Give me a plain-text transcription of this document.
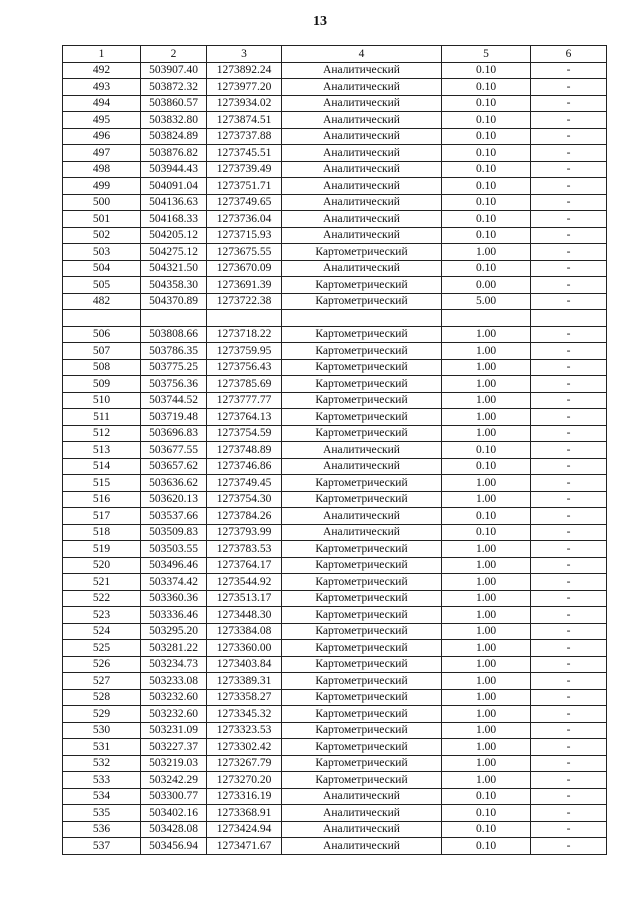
13
1	2	3	4	5	6
492	503907.40	1273892.24	Аналитический	0.10	-
493	503872.32	1273977.20	Аналитический	0.10	-
494	503860.57	1273934.02	Аналитический	0.10	-
495	503832.80	1273874.51	Аналитический	0.10	-
496	503824.89	1273737.88	Аналитический	0.10	-
497	503876.82	1273745.51	Аналитический	0.10	-
498	503944.43	1273739.49	Аналитический	0.10	-
499	504091.04	1273751.71	Аналитический	0.10	-
500	504136.63	1273749.65	Аналитический	0.10	-
501	504168.33	1273736.04	Аналитический	0.10	-
502	504205.12	1273715.93	Аналитический	0.10	-
503	504275.12	1273675.55	Картометрический	1.00	-
504	504321.50	1273670.09	Аналитический	0.10	-
505	504358.30	1273691.39	Картометрический	0.00	-
482	504370.89	1273722.38	Картометрический	5.00	-

506	503808.66	1273718.22	Картометрический	1.00	-
507	503786.35	1273759.95	Картометрический	1.00	-
508	503775.25	1273756.43	Картометрический	1.00	-
509	503756.36	1273785.69	Картометрический	1.00	-
510	503744.52	1273777.77	Картометрический	1.00	-
511	503719.48	1273764.13	Картометрический	1.00	-
512	503696.83	1273754.59	Картометрический	1.00	-
513	503677.55	1273748.89	Аналитический	0.10	-
514	503657.62	1273746.86	Аналитический	0.10	-
515	503636.62	1273749.45	Картометрический	1.00	-
516	503620.13	1273754.30	Картометрический	1.00	-
517	503537.66	1273784.26	Аналитический	0.10	-
518	503509.83	1273793.99	Аналитический	0.10	-
519	503503.55	1273783.53	Картометрический	1.00	-
520	503496.46	1273764.17	Картометрический	1.00	-
521	503374.42	1273544.92	Картометрический	1.00	-
522	503360.36	1273513.17	Картометрический	1.00	-
523	503336.46	1273448.30	Картометрический	1.00	-
524	503295.20	1273384.08	Картометрический	1.00	-
525	503281.22	1273360.00	Картометрический	1.00	-
526	503234.73	1273403.84	Картометрический	1.00	-
527	503233.08	1273389.31	Картометрический	1.00	-
528	503232.60	1273358.27	Картометрический	1.00	-
529	503232.60	1273345.32	Картометрический	1.00	-
530	503231.09	1273323.53	Картометрический	1.00	-
531	503227.37	1273302.42	Картометрический	1.00	-
532	503219.03	1273267.79	Картометрический	1.00	-
533	503242.29	1273270.20	Картометрический	1.00	-
534	503300.77	1273316.19	Аналитический	0.10	-
535	503402.16	1273368.91	Аналитический	0.10	-
536	503428.08	1273424.94	Аналитический	0.10	-
537	503456.94	1273471.67	Аналитический	0.10	-
